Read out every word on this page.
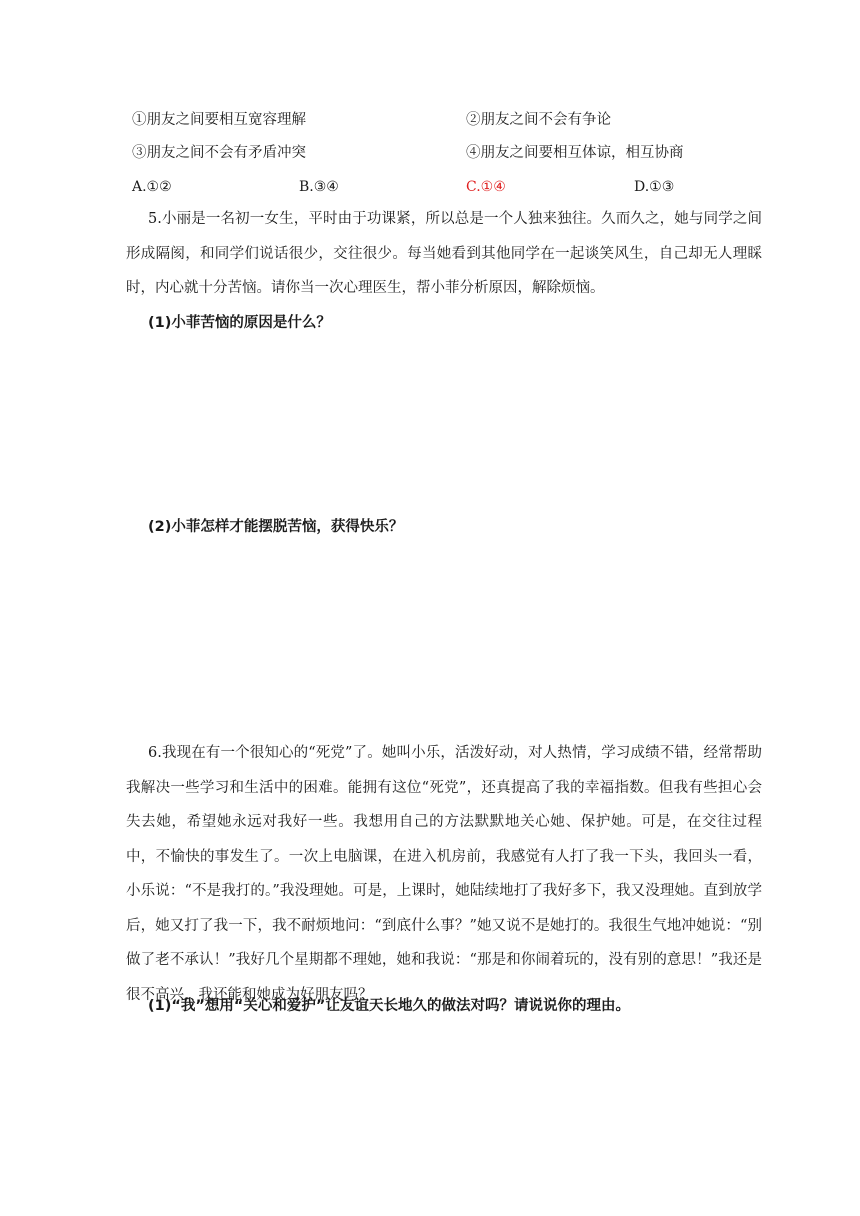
①朋友之间要相互宽容理解	②朋友之间不会有争论
③朋友之间不会有矛盾冲突	④朋友之间要相互体谅，相互协商
A.①②	B.③④	C.①④	D.①③
5.小丽是一名初一女生，平时由于功课紧，所以总是一个人独来独往。久而久之，她与同学之间形成隔阂，和同学们说话很少，交往很少。每当她看到其他同学在一起谈笑风生，自己却无人理睬时，内心就十分苦恼。请你当一次心理医生，帮小菲分析原因，解除烦恼。
(1)小菲苦恼的原因是什么？
(2)小菲怎样才能摆脱苦恼，获得快乐？
6.我现在有一个很知心的“死党”了。她叫小乐，活泼好动，对人热情，学习成绩不错，经常帮助我解决一些学习和生活中的困难。能拥有这位“死党”，还真提高了我的幸福指数。但我有些担心会失去她，希望她永远对我好一些。我想用自己的方法默默地关心她、保护她。可是，在交往过程中，不愉快的事发生了。一次上电脑课，在进入机房前，我感觉有人打了我一下头，我回头一看，小乐说：“不是我打的。”我没理她。可是，上课时，她陆续地打了我好多下，我又没理她。直到放学后，她又打了我一下，我不耐烦地问：“到底什么事？”她又说不是她打的。我很生气地冲她说：“别做了老不承认！”我好几个星期都不理她，她和我说：“那是和你闹着玩的，没有别的意思！”我还是很不高兴，我还能和她成为好朋友吗？
(1)“我”想用“关心和爱护”让友谊天长地久的做法对吗？请说说你的理由。
